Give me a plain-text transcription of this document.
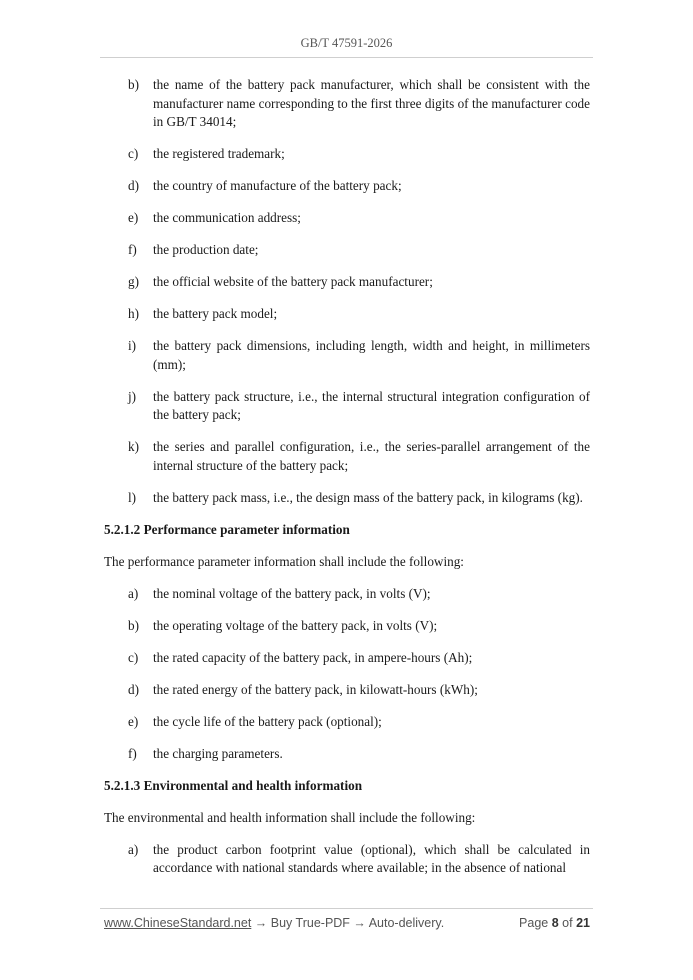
GB/T 47591-2026
b)	the name of the battery pack manufacturer, which shall be consistent with the manufacturer name corresponding to the first three digits of the manufacturer code in GB/T 34014;
c)	the registered trademark;
d)	the country of manufacture of the battery pack;
e)	the communication address;
f)	the production date;
g)	the official website of the battery pack manufacturer;
h)	the battery pack model;
i)	the battery pack dimensions, including length, width and height, in millimeters (mm);
j)	the battery pack structure, i.e., the internal structural integration configuration of the battery pack;
k)	the series and parallel configuration, i.e., the series-parallel arrangement of the internal structure of the battery pack;
l)	the battery pack mass, i.e., the design mass of the battery pack, in kilograms (kg).
5.2.1.2 Performance parameter information
The performance parameter information shall include the following:
a)	the nominal voltage of the battery pack, in volts (V);
b)	the operating voltage of the battery pack, in volts (V);
c)	the rated capacity of the battery pack, in ampere-hours (Ah);
d)	the rated energy of the battery pack, in kilowatt-hours (kWh);
e)	the cycle life of the battery pack (optional);
f)	the charging parameters.
5.2.1.3 Environmental and health information
The environmental and health information shall include the following:
a)	the product carbon footprint value (optional), which shall be calculated in accordance with national standards where available; in the absence of national
www.ChineseStandard.net → Buy True-PDF → Auto-delivery.	Page 8 of 21
